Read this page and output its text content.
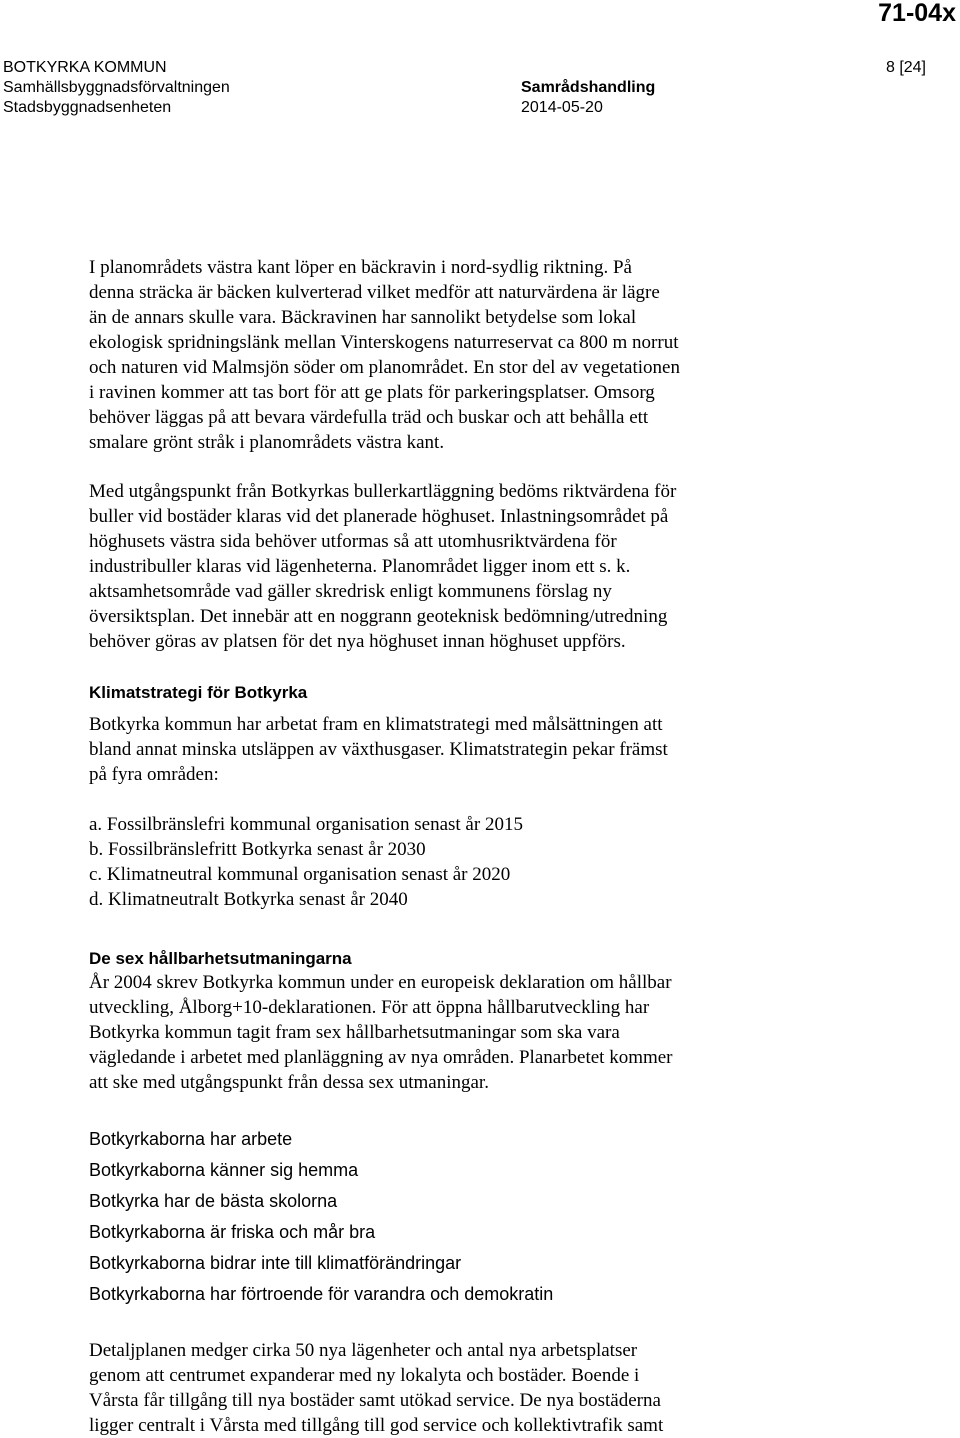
71-04x
BOTKYRKA KOMMUN
Samhällsbyggnadsförvaltningen
Stadsbyggnadsenheten
Samrådshandling
2014-05-20
8 [24]

I planområdets västra kant löper en bäckravin i nord-sydlig riktning. På
denna sträcka är bäcken kulverterad vilket medför att naturvärdena är lägre
än de annars skulle vara. Bäckravinen har sannolikt betydelse som lokal
ekologisk spridningslänk mellan Vinterskogens naturreservat ca 800 m norrut
och naturen vid Malmsjön söder om planområdet. En stor del av vegetationen
i ravinen kommer att tas bort för att ge plats för parkeringsplatser. Omsorg
behöver läggas på att bevara värdefulla träd och buskar och att behålla ett
smalare grönt stråk i planområdets västra kant.

Med utgångspunkt från Botkyrkas bullerkartläggning bedöms riktvärdena för
buller vid bostäder klaras vid det planerade höghuset. Inlastningsområdet på
höghusets västra sida behöver utformas så att utomhusriktvärdena för
industribuller klaras vid lägenheterna. Planområdet ligger inom ett s. k.
aktsamhetsområde vad gäller skredrisk enligt kommunens förslag ny
översiktsplan. Det innebär att en noggrann geoteknisk bedömning/utredning
behöver göras av platsen för det nya höghuset innan höghuset uppförs.

Klimatstrategi för Botkyrka

Botkyrka kommun har arbetat fram en klimatstrategi med målsättningen att
bland annat minska utsläppen av växthusgaser. Klimatstrategin pekar främst
på fyra områden:

a. Fossilbränslefri kommunal organisation senast år 2015
b. Fossilbränslefritt Botkyrka senast år 2030
c. Klimatneutral kommunal organisation senast år 2020
d. Klimatneutralt Botkyrka senast år 2040
De sex hållbarhetsutmaningarna

År 2004 skrev Botkyrka kommun under en europeisk deklaration om hållbar
utveckling, Ålborg+10-deklarationen. För att öppna hållbarutveckling har
Botkyrka kommun tagit fram sex hållbarhetsutmaningar som ska vara
vägledande i arbetet med planläggning av nya områden. Planarbetet kommer
att ske med utgångspunkt från dessa sex utmaningar.

Botkyrkaborna har arbete
Botkyrkaborna känner sig hemma
Botkyrka har de bästa skolorna
Botkyrkaborna är friska och mår bra
Botkyrkaborna bidrar inte till klimatförändringar
Botkyrkaborna har förtroende för varandra och demokratin

Detaljplanen medger cirka 50 nya lägenheter och antal nya arbetsplatser
genom att centrumet expanderar med ny lokalyta och bostäder. Boende i
Vårsta får tillgång till nya bostäder samt utökad service. De nya bostäderna
ligger centralt i Vårsta med tillgång till god service och kollektivtrafik samt
